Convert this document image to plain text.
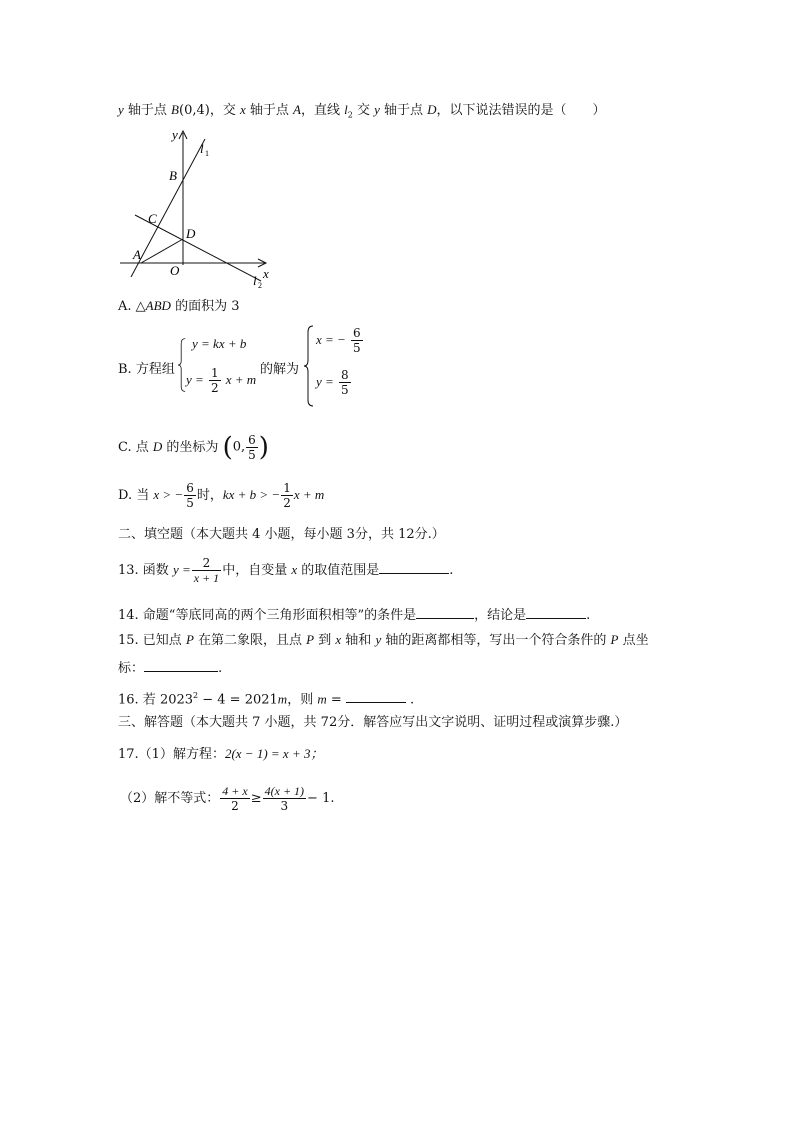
y 轴于点 B(0,4)，交 x 轴于点 A，直线 $l_2$ 交 y 轴于点 D，以下说法错误的是（　　）
y
x
l 1
l 2
B
C
D
A
O
A. △ABD 的面积为 3
B. 方程组
y = kx + b
$y = \frac{1}{2}$ x + m
的解为
x = − $\frac{6}{5}$
$y = \frac{8}{5}$
C. 点 D 的坐标为 (0, $\frac{6}{5}$ )
D. 当 x > − $\frac{6}{5}$ 时，kx + b > − $\frac{1}{2}$ x + m
二、填空题（本大题共 4 小题，每小题 3分，共 12分.）
13. 函数 $y = \frac{2}{x + 1}$ 中，自变量 x 的取值范围是	.
14. 命题“等底同高的两个三角形面积相等”的条件是	，结论是	.
15. 已知点 P 在第二象限，且点 P 到 x 轴和 y 轴的距离都相等，写出一个符合条件的 P 点坐
标：	.
16. 若 $2023^2 - 4 = 2021m$，则 m =	.
三、解答题（本大题共 7 小题，共 72分．解答应写出文字说明、证明过程或演算步骤.）
17.（1）解方程：2(x − 1) = x + 3；
（2）解不等式： $\frac{4 + x}{2} \ge \frac{4(x + 1)}{3} - 1$.
